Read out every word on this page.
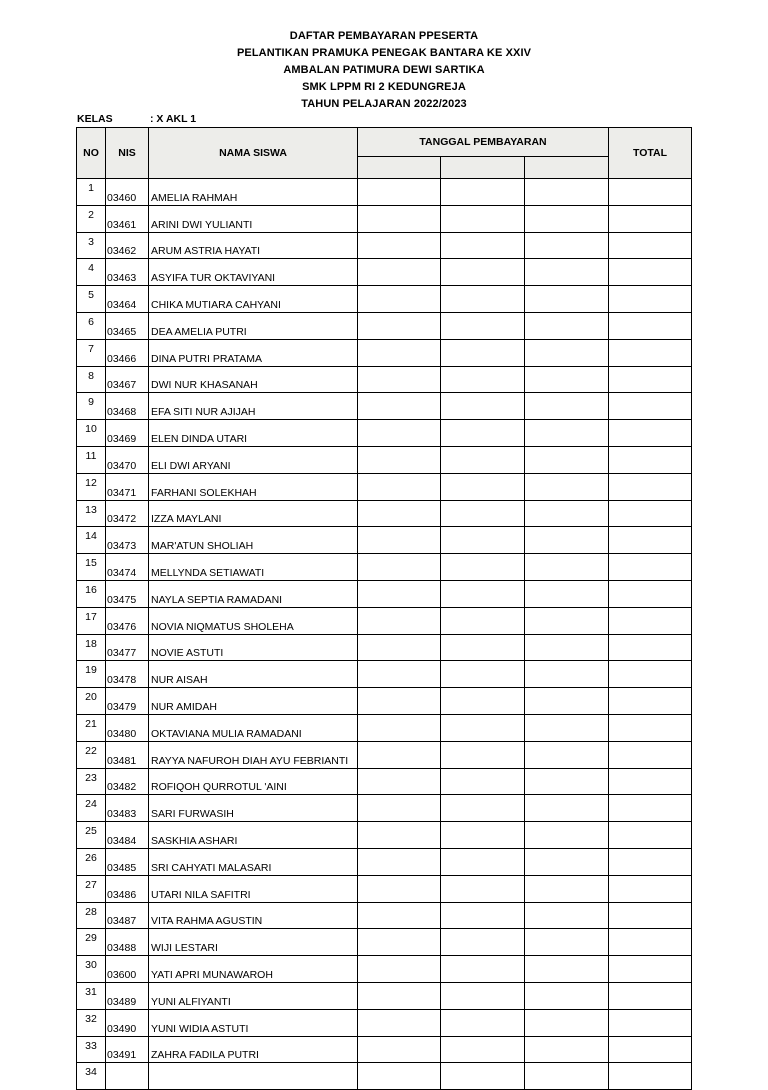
DAFTAR PEMBAYARAN PPESERTA
PELANTIKAN PRAMUKA PENEGAK BANTARA KE XXIV
AMBALAN PATIMURA DEWI SARTIKA
SMK LPPM RI 2 KEDUNGREJA
TAHUN PELAJARAN 2022/2023
KELAS	: X AKL 1
NO	NIS	NAMA SISWA	TANGGAL PEMBAYARAN			TOTAL

1	03460	AMELIA RAHMAH				
2	03461	ARINI DWI YULIANTI				
3	03462	ARUM ASTRIA HAYATI				
4	03463	ASYIFA TUR OKTAVIYANI				
5	03464	CHIKA MUTIARA CAHYANI				
6	03465	DEA AMELIA PUTRI				
7	03466	DINA PUTRI PRATAMA				
8	03467	DWI NUR KHASANAH				
9	03468	EFA SITI NUR AJIJAH				
10	03469	ELEN DINDA UTARI				
11	03470	ELI DWI ARYANI				
12	03471	FARHANI SOLEKHAH				
13	03472	IZZA MAYLANI				
14	03473	MAR'ATUN SHOLIAH				
15	03474	MELLYNDA SETIAWATI				
16	03475	NAYLA SEPTIA RAMADANI				
17	03476	NOVIA NIQMATUS SHOLEHA				
18	03477	NOVIE ASTUTI				
19	03478	NUR AISAH				
20	03479	NUR AMIDAH				
21	03480	OKTAVIANA MULIA RAMADANI				
22	03481	RAYYA NAFUROH DIAH AYU FEBRIANTI				
23	03482	ROFIQOH QURROTUL 'AINI				
24	03483	SARI FURWASIH				
25	03484	SASKHIA ASHARI				
26	03485	SRI CAHYATI MALASARI				
27	03486	UTARI NILA SAFITRI				
28	03487	VITA RAHMA AGUSTIN				
29	03488	WIJI LESTARI				
30	03600	YATI APRI MUNAWAROH				
31	03489	YUNI ALFIYANTI				
32	03490	YUNI WIDIA ASTUTI				
33	03491	ZAHRA FADILA PUTRI				
34						
